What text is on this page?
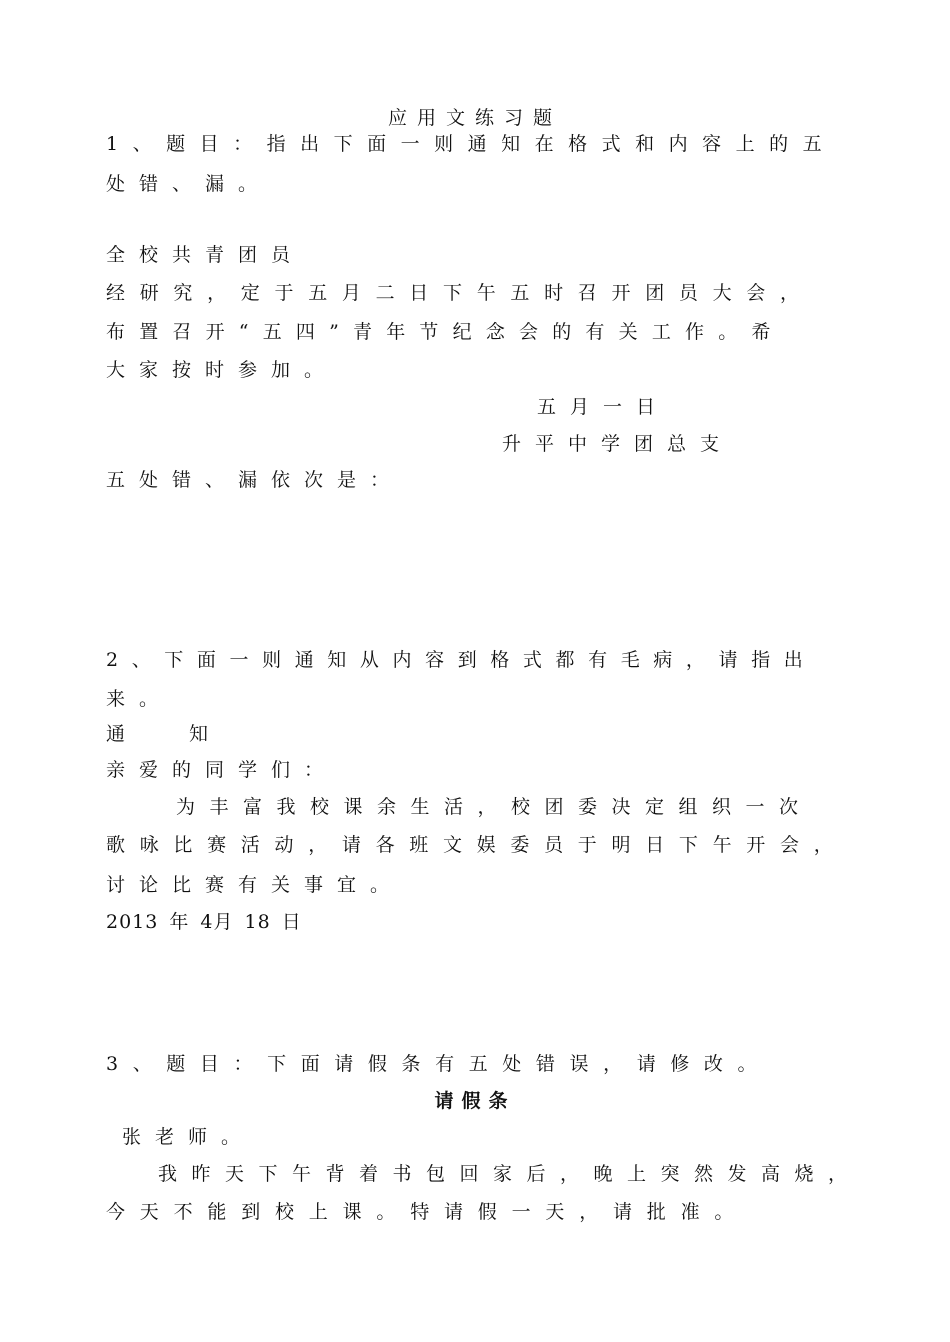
应用文练习题
1、题目：指出下面一则通知在格式和内容上的五
处错、漏。
全校共青团员
经研究，定于五月二日下午五时召开团员大会，
布置召开“五四”青年节纪念会的有关工作。希
大家按时参加。
五月一日
升平中学团总支
五处错、漏依次是：
2、下面一则通知从内容到格式都有毛病，请指出
来。
通	知
亲爱的同学们：
为丰富我校课余生活，校团委决定组织一次
歌咏比赛活动，请各班文娱委员于明日下午开会，
讨论比赛有关事宜。
2013 年 4月 18 日
3、题目：下面请假条有五处错误，请修改。
请假条
张老师。
我昨天下午背着书包回家后，晚上突然发高烧，
今天不能到校上课。特请假一天，请批准。
